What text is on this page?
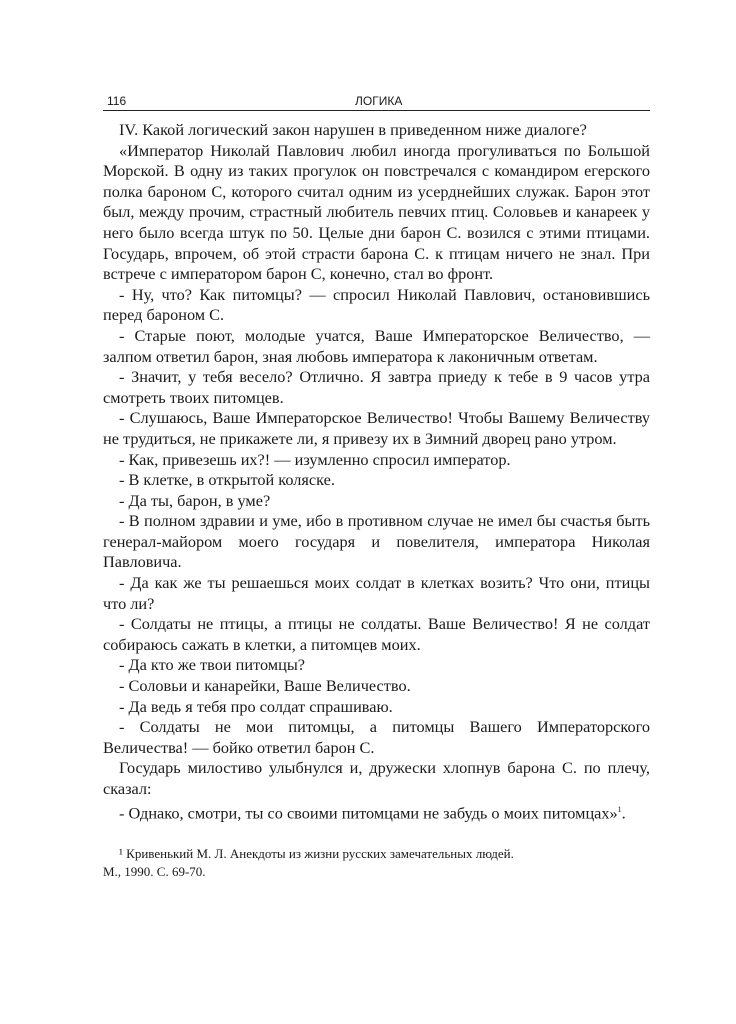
116	ЛОГИКА

IV. Какой логический закон нарушен в приведенном ниже диалоге?

«Император Николай Павлович любил иногда прогуливаться по Большой Морской. В одну из таких прогулок он повстречался с командиром егерского полка бароном С, которого считал одним из усерднейших служак. Барон этот был, между прочим, страстный любитель певчих птиц. Соловьев и канареек у него было всегда штук по 50. Целые дни барон С. возился с этими птицами. Государь, впрочем, об этой страсти барона С. к птицам ничего не знал. При встрече с императором барон С, конечно, стал во фронт.

- Ну, что? Как питомцы? — спросил Николай Павлович, остановившись перед бароном С.

- Старые поют, молодые учатся, Ваше Императорское Величество, — залпом ответил барон, зная любовь императора к лаконичным ответам.

- Значит, у тебя весело? Отлично. Я завтра приеду к тебе в 9 часов утра смотреть твоих питомцев.

- Слушаюсь, Ваше Императорское Величество! Чтобы Вашему Величеству не трудиться, не прикажете ли, я привезу их в Зимний дворец рано утром.

- Как, привезешь их?! — изумленно спросил император.

- В клетке, в открытой коляске.

- Да ты, барон, в уме?

- В полном здравии и уме, ибо в противном случае не имел бы счастья быть генерал-майором моего государя и повелителя, императора Николая Павловича.

- Да как же ты решаешься моих солдат в клетках возить? Что они, птицы что ли?

- Солдаты не птицы, а птицы не солдаты. Ваше Величество! Я не солдат собираюсь сажать в клетки, а питомцев моих.

- Да кто же твои питомцы?

- Соловьи и канарейки, Ваше Величество.

- Да ведь я тебя про солдат спрашиваю.

- Солдаты не мои питомцы, а питомцы Вашего Императорского Величества! — бойко ответил барон С.

Государь милостиво улыбнулся и, дружески хлопнув барона С. по плечу, сказал:

- Однако, смотри, ты со своими питомцами не забудь о моих питомцах»$^1$.

¹ Кривенький М. Л. Анекдоты из жизни русских замечательных людей.

М., 1990. С. 69-70.
